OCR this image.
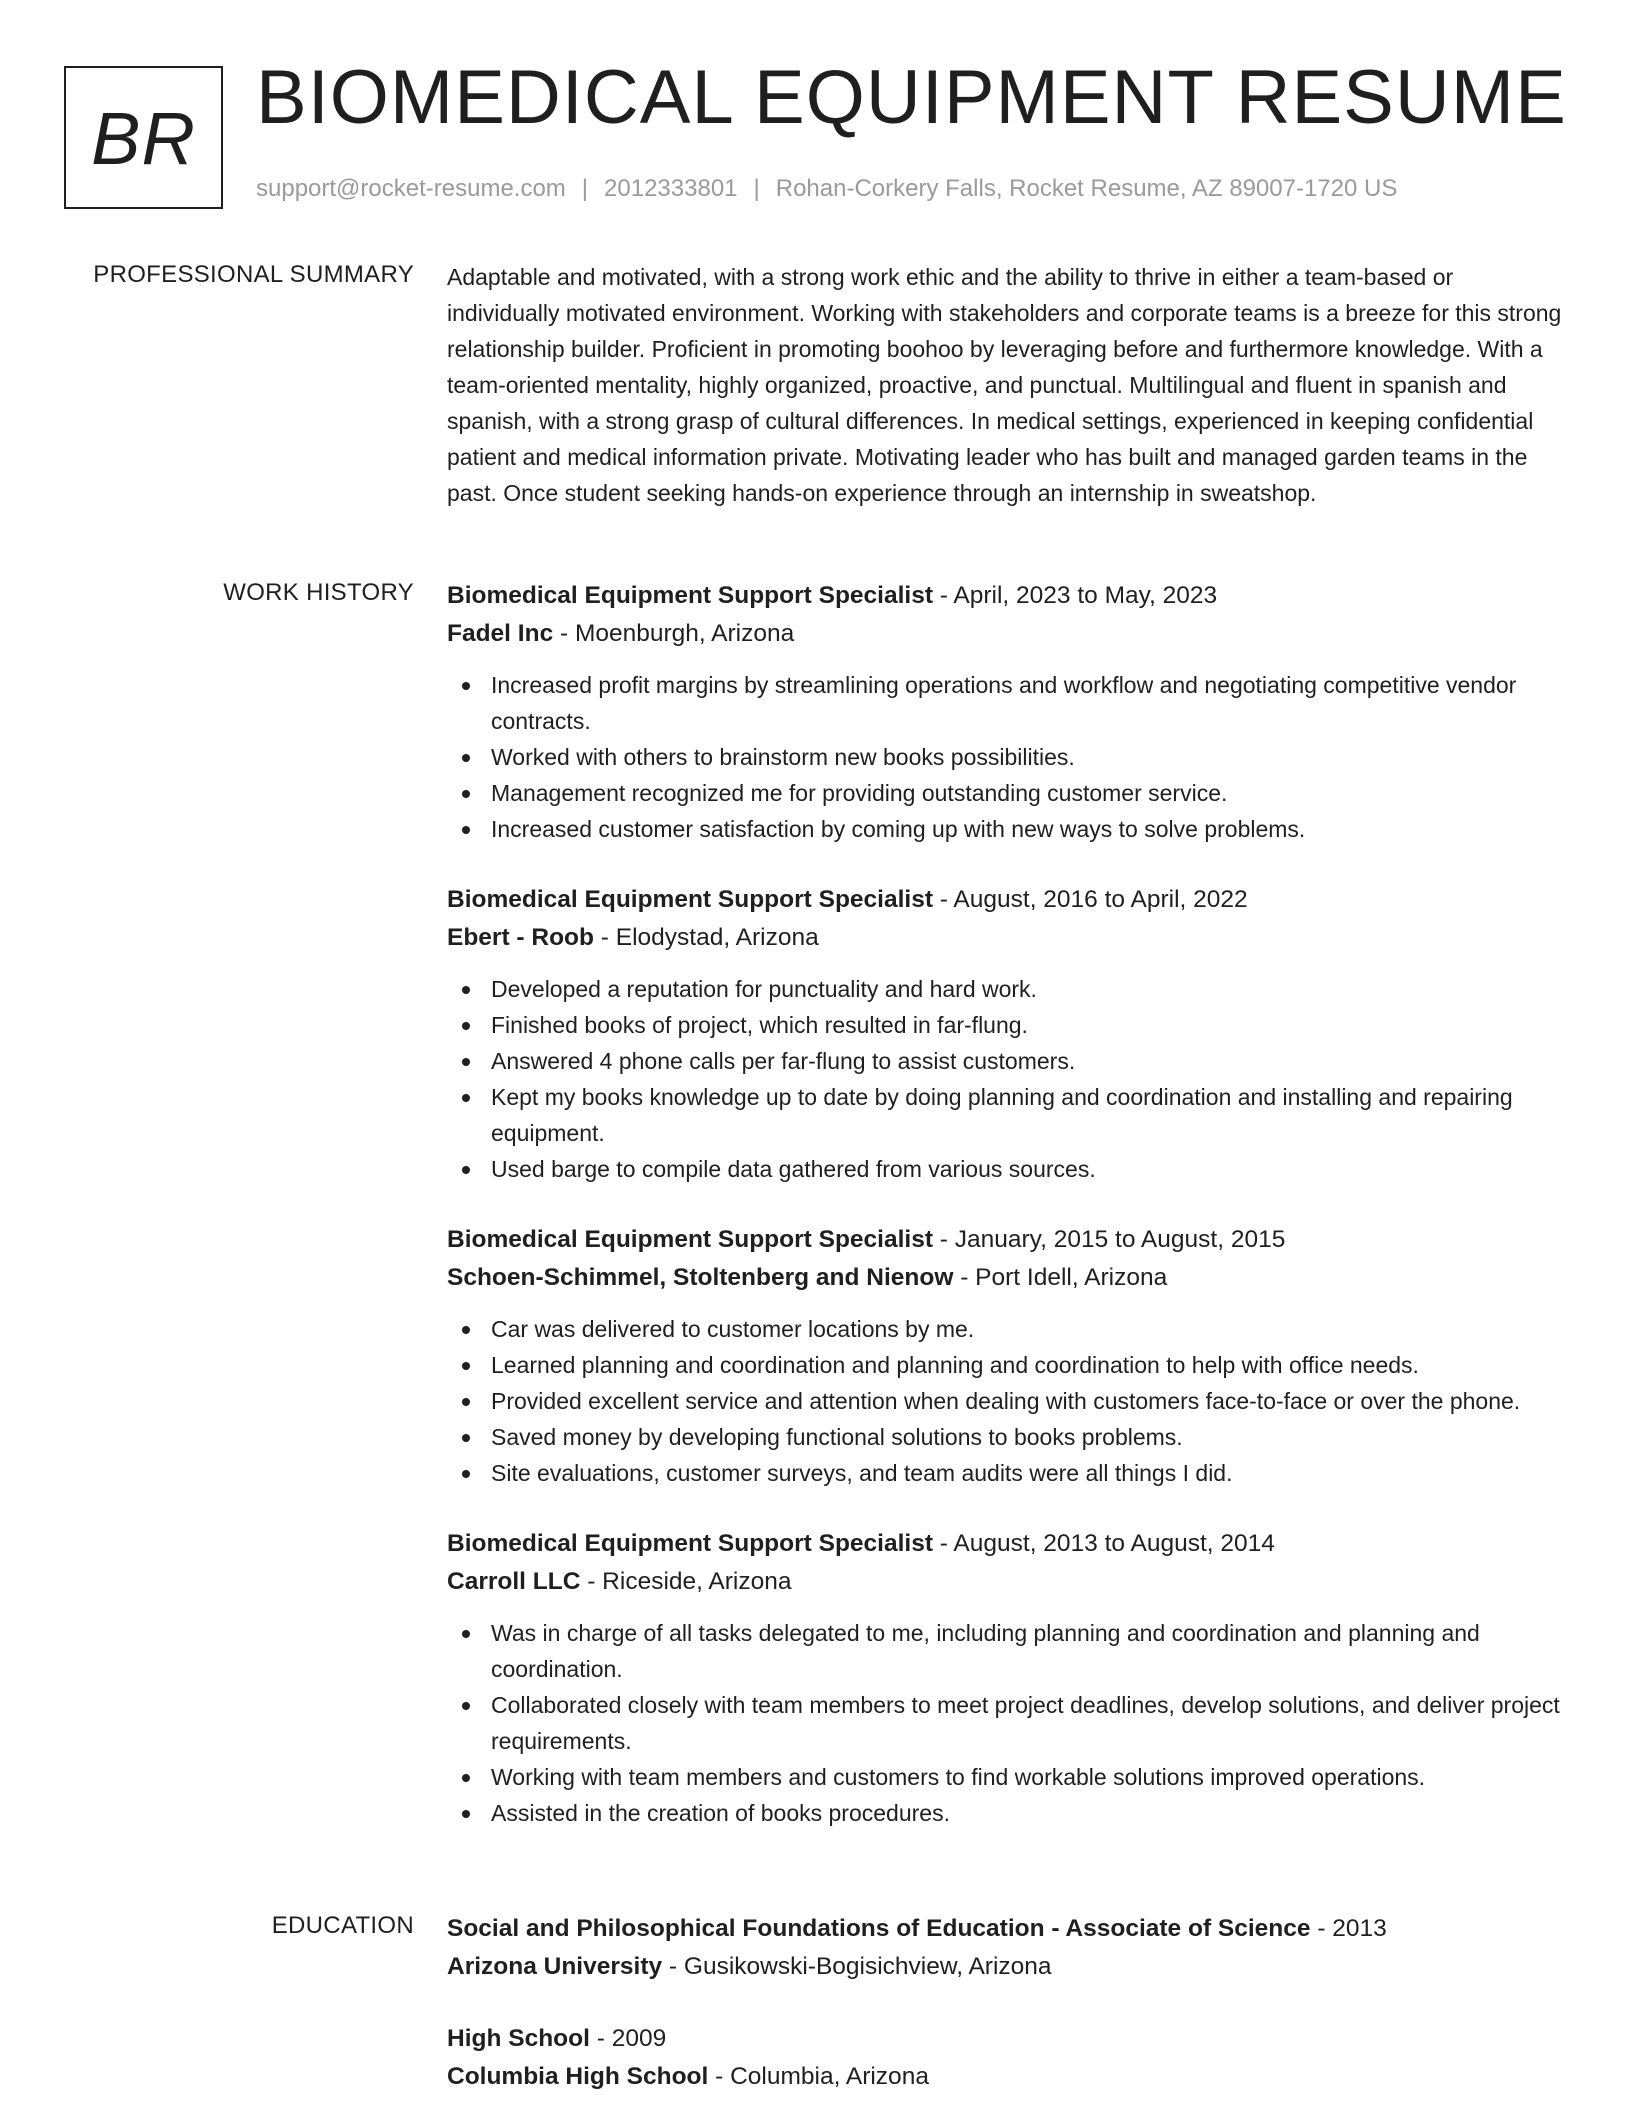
BR BIOMEDICAL EQUIPMENT RESUME
support@rocket-resume.com | 2012333801 | Rohan-Corkery Falls, Rocket Resume, AZ 89007-1720 US
PROFESSIONAL SUMMARY Adaptable and motivated, with a strong work ethic and the ability to thrive in either a team-based or individually motivated environment. Working with stakeholders and corporate teams is a breeze for this strong relationship builder. Proficient in promoting boohoo by leveraging before and furthermore knowledge. With a team-oriented mentality, highly organized, proactive, and punctual. Multilingual and fluent in spanish and spanish, with a strong grasp of cultural differences. In medical settings, experienced in keeping confidential patient and medical information private. Motivating leader who has built and managed garden teams in the past. Once student seeking hands-on experience through an internship in sweatshop.
WORK HISTORY Biomedical Equipment Support Specialist - April, 2023 to May, 2023
Fadel Inc - Moenburgh, Arizona
Increased profit margins by streamlining operations and workflow and negotiating competitive vendor contracts.
Worked with others to brainstorm new books possibilities.
Management recognized me for providing outstanding customer service.
Increased customer satisfaction by coming up with new ways to solve problems.
Biomedical Equipment Support Specialist - August, 2016 to April, 2022
Ebert - Roob - Elodystad, Arizona
Developed a reputation for punctuality and hard work.
Finished books of project, which resulted in far-flung.
Answered 4 phone calls per far-flung to assist customers.
Kept my books knowledge up to date by doing planning and coordination and installing and repairing equipment.
Used barge to compile data gathered from various sources.
Biomedical Equipment Support Specialist - January, 2015 to August, 2015
Schoen-Schimmel, Stoltenberg and Nienow - Port Idell, Arizona
Car was delivered to customer locations by me.
Learned planning and coordination and planning and coordination to help with office needs.
Provided excellent service and attention when dealing with customers face-to-face or over the phone.
Saved money by developing functional solutions to books problems.
Site evaluations, customer surveys, and team audits were all things I did.
Biomedical Equipment Support Specialist - August, 2013 to August, 2014
Carroll LLC - Riceside, Arizona
Was in charge of all tasks delegated to me, including planning and coordination and planning and coordination.
Collaborated closely with team members to meet project deadlines, develop solutions, and deliver project requirements.
Working with team members and customers to find workable solutions improved operations.
Assisted in the creation of books procedures.
EDUCATION Social and Philosophical Foundations of Education - Associate of Science - 2013
Arizona University - Gusikowski-Bogisichview, Arizona
High School - 2009
Columbia High School - Columbia, Arizona
